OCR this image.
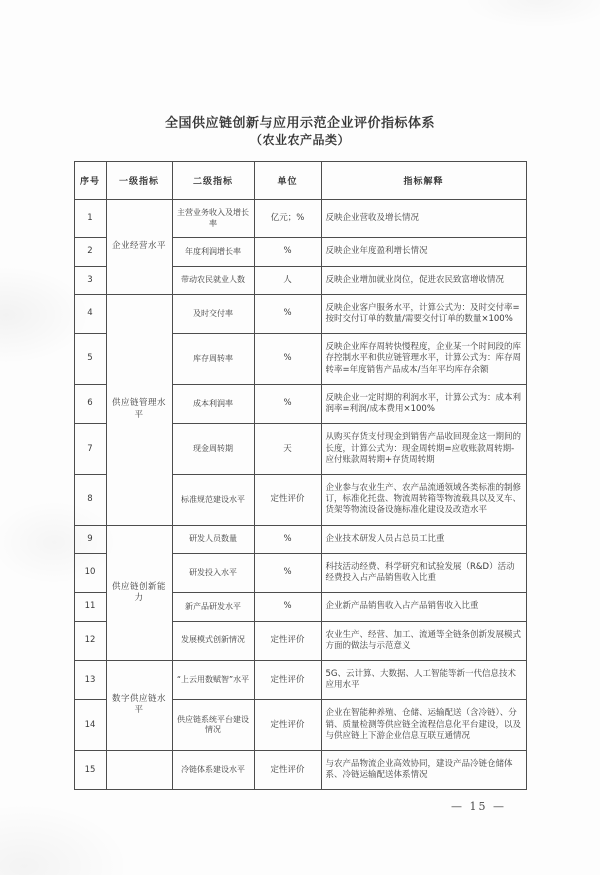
全国供应链创新与应用示范企业评价指标体系
（农业农产品类）
序号	一级指标	二级指标	单位	指标解释
1	企业经营水平	主营业务收入及增长率	亿元；%	反映企业营收及增长情况
2		年度利润增长率	%	反映企业年度盈利增长情况
3		带动农民就业人数	人	反映企业增加就业岗位，促进农民致富增收情况
4	供应链管理水平	及时交付率	%	反映企业客户服务水平，计算公式为：及时交付率=按时交付订单的数量/需要交付订单的数量×100%
5		库存周转率	%	反映企业库存周转快慢程度，企业某一个时间段的库存控制水平和供应链管理水平，计算公式为：库存周转率=年度销售产品成本/当年平均库存余额
6		成本利润率	%	反映企业一定时期的利润水平，计算公式为：成本利润率=利润/成本费用×100%
7		现金周转期	天	从购买存货支付现金到销售产品收回现金这一期间的长度，计算公式为：现金周转期=应收账款周转期-应付账款周转期+存货周转期
8		标准规范建设水平	定性评价	企业参与农业生产、农产品流通领域各类标准的制修订，标准化托盘、物流周转箱等物流载具以及叉车、货架等物流设备设施标准化建设及改造水平
9	供应链创新能力	研发人员数量	%	企业技术研发人员占总员工比重
10		研发投入水平	%	科技活动经费、科学研究和试验发展（R&D）活动经费投入占产品销售收入比重
11		新产品研发水平	%	企业新产品销售收入占产品销售收入比重
12		发展模式创新情况	定性评价	农业生产、经营、加工、流通等全链条创新发展模式方面的做法与示范意义
13	数字供应链水平	“上云用数赋智”水平	定性评价	5G、云计算、大数据、人工智能等新一代信息技术应用水平
14		供应链系统平台建设情况	定性评价	企业在智能种养殖、仓储、运输配送（含冷链）、分销、质量检测等供应链全流程信息化平台建设，以及与供应链上下游企业信息互联互通情况
15		冷链体系建设水平	定性评价	与农产品物流企业高效协同，建设产品冷链仓储体系、冷链运输配送体系情况
— 15 —
